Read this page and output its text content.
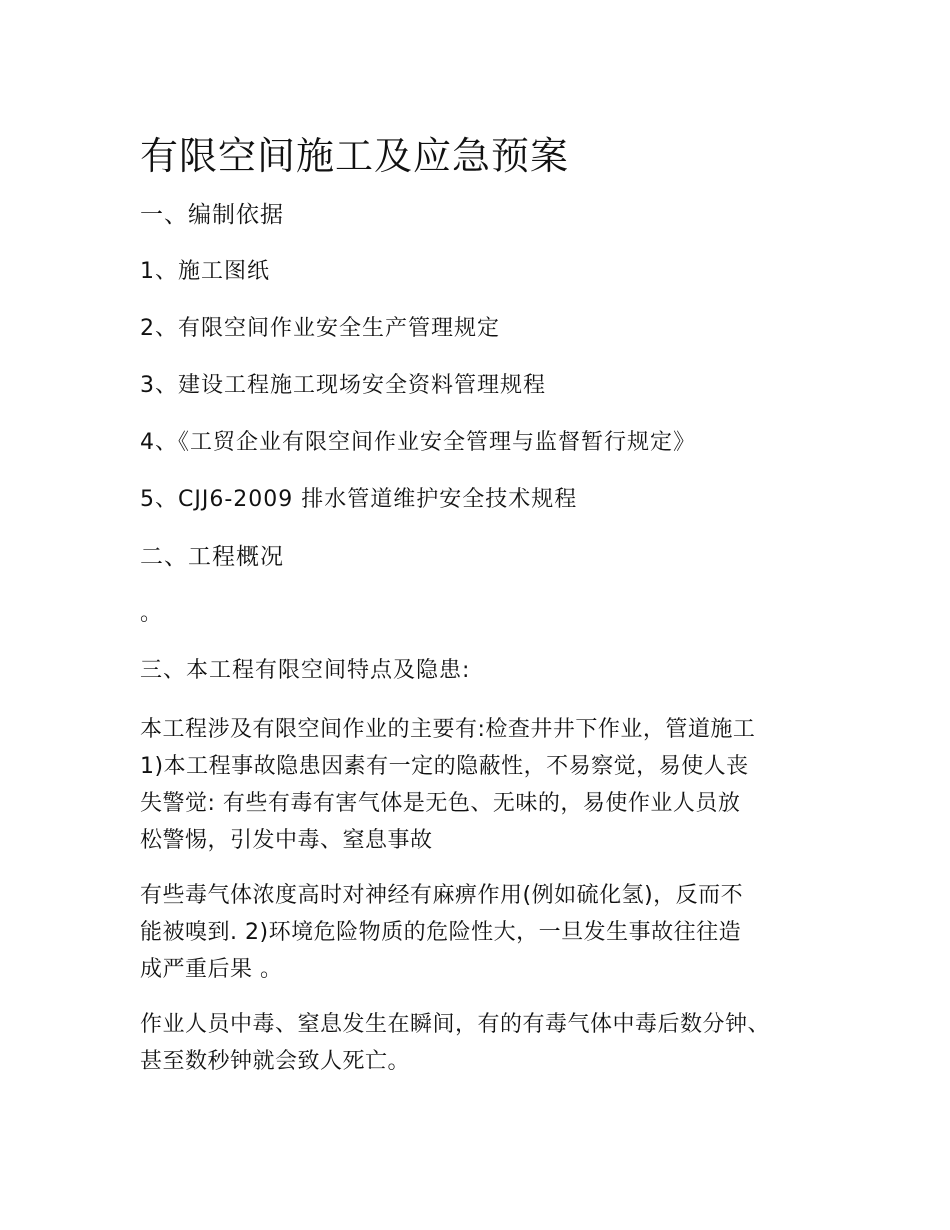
有限空间施工及应急预案
一、编制依据
1、施工图纸
2、有限空间作业安全生产管理规定
3、建设工程施工现场安全资料管理规程
4、《工贸企业有限空间作业安全管理与监督暂行规定》
5、CJJ6-2009 排水管道维护安全技术规程
二、工程概况
。
三、本工程有限空间特点及隐患:
本工程涉及有限空间作业的主要有:检查井井下作业，管道施工
1)本工程事故隐患因素有一定的隐蔽性，不易察觉，易使人丧
失警觉: 有些有毒有害气体是无色、无味的，易使作业人员放
松警惕，引发中毒、窒息事故
有些毒气体浓度高时对神经有麻痹作用(例如硫化氢)，反而不
能被嗅到. 2)环境危险物质的危险性大，一旦发生事故往往造
成严重后果 。
作业人员中毒、窒息发生在瞬间，有的有毒气体中毒后数分钟、
甚至数秒钟就会致人死亡。
